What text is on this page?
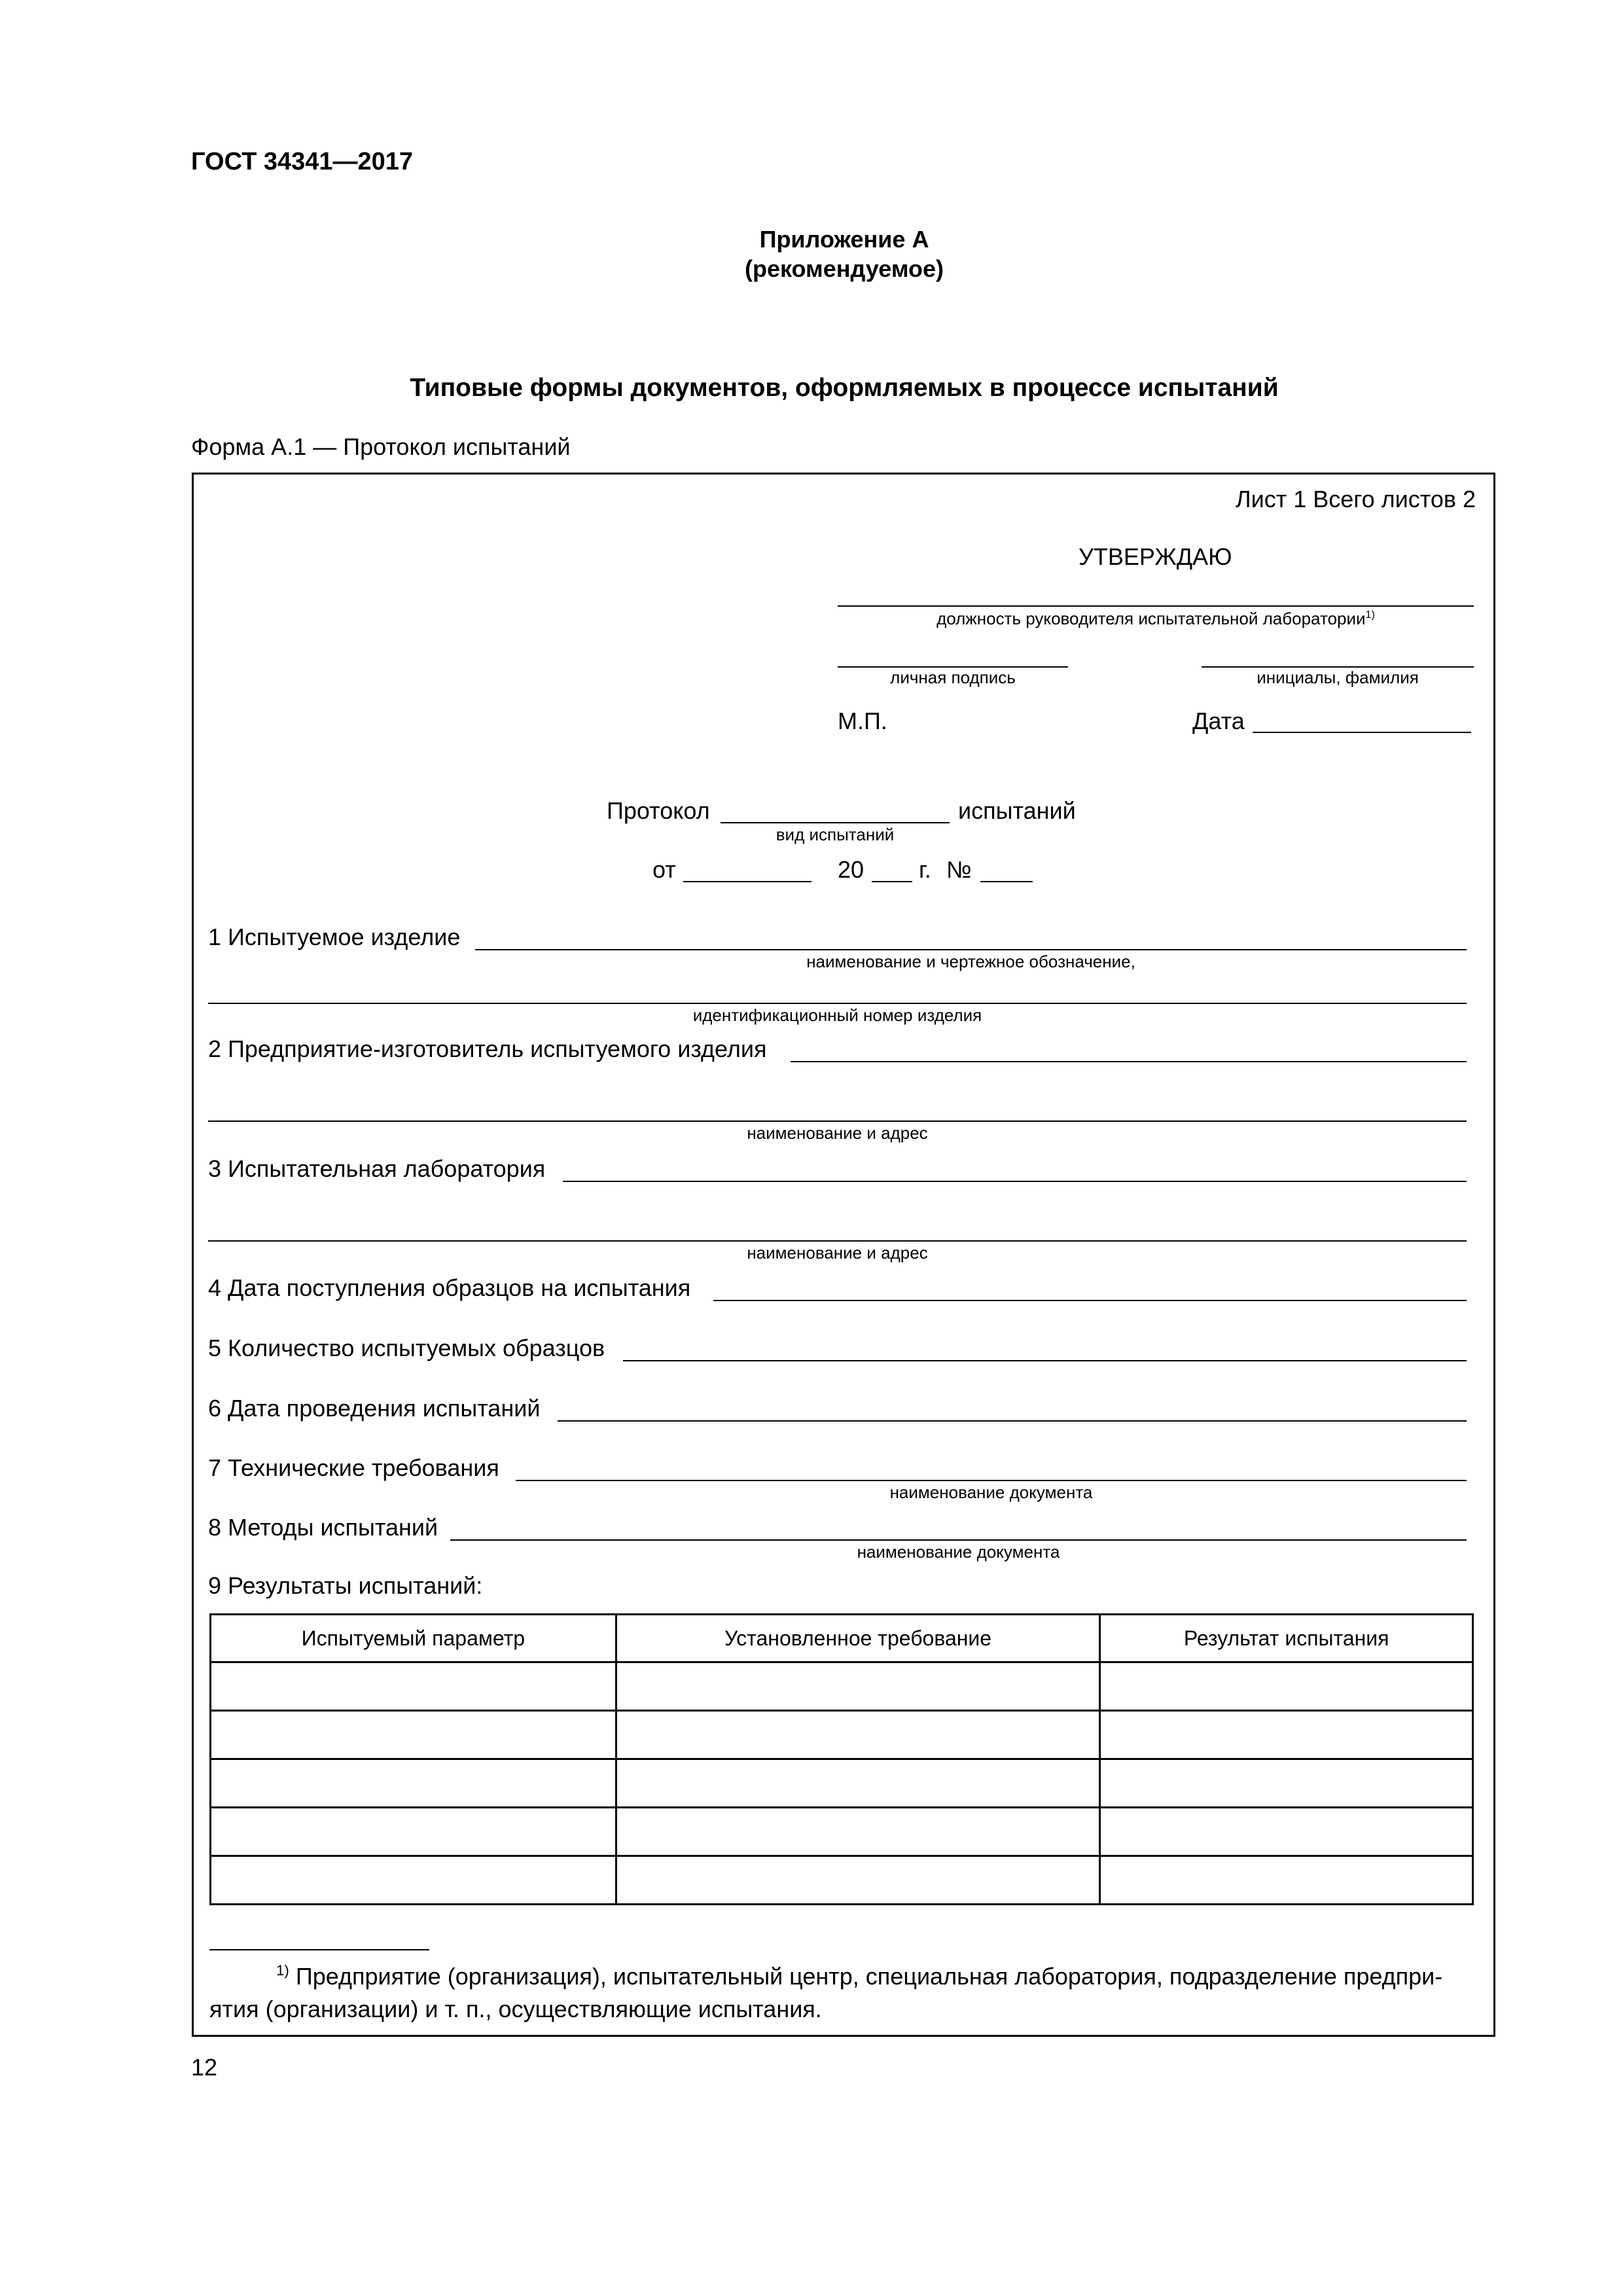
ГОСТ 34341—2017
Приложение А
(рекомендуемое)
Типовые формы документов, оформляемых в процессе испытаний
Форма А.1 — Протокол испытаний
Лист 1 Всего листов 2
УТВЕРЖДАЮ
должность руководителя испытательной лаборатории$^{1)}$
личная подпись	инициалы, фамилия
М.П.	Дата
Протокол
вид испытаний
испытаний
от	20 г. №
1 Испытуемое изделие
наименование и чертежное обозначение,
идентификационный номер изделия
2 Предприятие-изготовитель испытуемого изделия
наименование и адрес
3 Испытательная лаборатория
наименование и адрес
4 Дата поступления образцов на испытания
5 Количество испытуемых образцов
6 Дата проведения испытаний
7 Технические требования
наименование документа
8 Методы испытаний
наименование документа
9 Результаты испытаний:
Испытуемый параметр	Установленное требование	Результат испытания

$^{1)}$ Предприятие (организация), испытательный центр, специальная лаборатория, подразделение предпри-
ятия (организации) и т. п., осуществляющие испытания.
12
